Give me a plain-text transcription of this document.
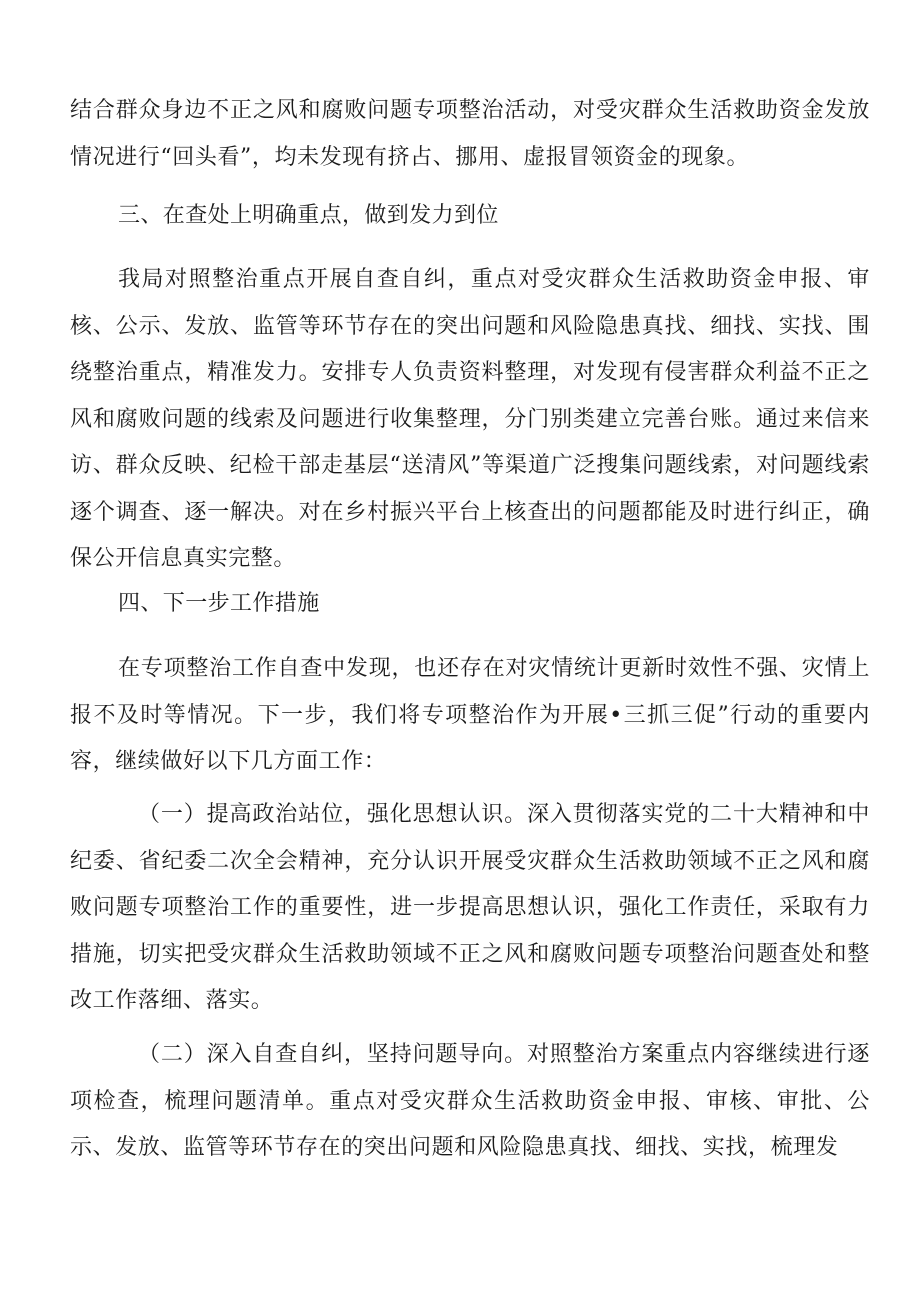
结合群众身边不正之风和腐败问题专项整治活动，对受灾群众生活救助资金发放情况进行“回头看”，均未发现有挤占、挪用、虚报冒领资金的现象。

三、在查处上明确重点，做到发力到位

我局对照整治重点开展自查自纠，重点对受灾群众生活救助资金申报、审核、公示、发放、监管等环节存在的突出问题和风险隐患真找、细找、实找、围绕整治重点，精准发力。安排专人负责资料整理，对发现有侵害群众利益不正之风和腐败问题的线索及问题进行收集整理，分门别类建立完善台账。通过来信来访、群众反映、纪检干部走基层“送清风”等渠道广泛搜集问题线索，对问题线索逐个调查、逐一解决。对在乡村振兴平台上核查出的问题都能及时进行纠正，确保公开信息真实完整。

四、下一步工作措施

在专项整治工作自查中发现，也还存在对灾情统计更新时效性不强、灾情上报不及时等情况。下一步，我们将专项整治作为开展•三抓三促”行动的重要内容，继续做好以下几方面工作：

（一）提高政治站位，强化思想认识。深入贯彻落实党的二十大精神和中纪委、省纪委二次全会精神，充分认识开展受灾群众生活救助领域不正之风和腐败问题专项整治工作的重要性，进一步提高思想认识，强化工作责任，采取有力措施，切实把受灾群众生活救助领域不正之风和腐败问题专项整治问题查处和整改工作落细、落实。

（二）深入自查自纠，坚持问题导向。对照整治方案重点内容继续进行逐项检查，梳理问题清单。重点对受灾群众生活救助资金申报、审核、审批、公示、发放、监管等环节存在的突出问题和风险隐患真找、细找、实找，梳理发
